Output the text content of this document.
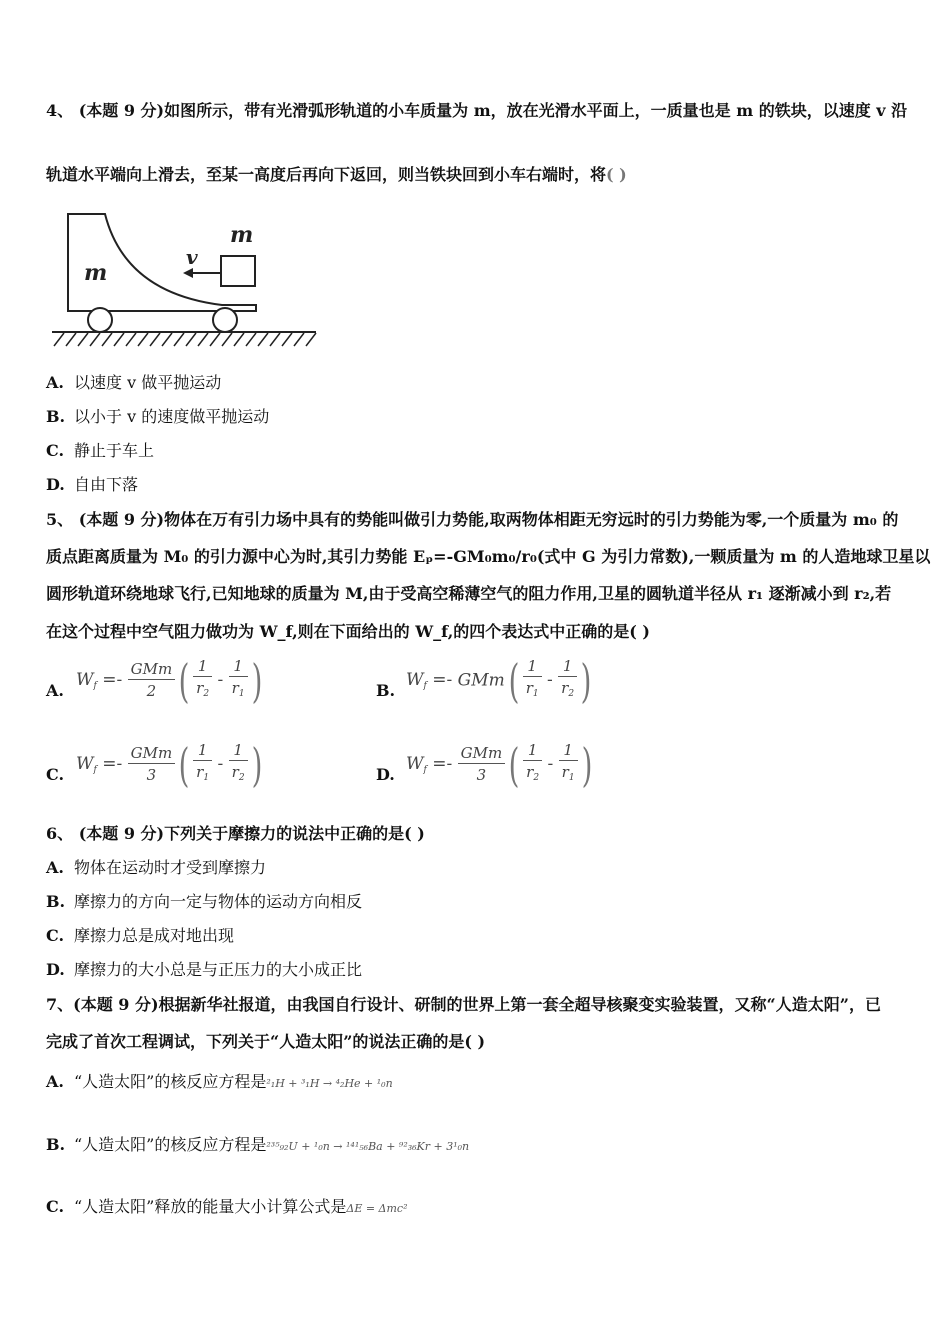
4、 (本题 9 分)如图所示，带有光滑弧形轨道的小车质量为 m，放在光滑水平面上，一质量也是 m 的铁块，以速度 v 沿
轨道水平端向上滑去，至某一高度后再向下返回，则当铁块回到小车右端时，将( )
m
m
v
A. 以速度 v 做平抛运动
B. 以小于 v 的速度做平抛运动
C. 静止于车上
D. 自由下落
5、 (本题 9 分)物体在万有引力场中具有的势能叫做引力势能,取两物体相距无穷远时的引力势能为零,一个质量为 m₀ 的
质点距离质量为 M₀ 的引力源中心为时,其引力势能 Eₚ=-GM₀m₀/r₀(式中 G 为引力常数),一颗质量为 m 的人造地球卫星以
圆形轨道环绕地球飞行,已知地球的质量为 M,由于受高空稀薄空气的阻力作用,卫星的圆轨道半径从 r₁ 逐渐减小到 r₂,若
在这个过程中空气阻力做功为 W_f,则在下面给出的 W_f,的四个表达式中正确的是( )
A.
$W_f =- \frac{\text{GMm}}{2}$ ( $\frac{1}{r_2} - \frac{1}{r_1}$ )	B.
$W_f =- GMm( \frac{1}{r_1} - \frac{1}{r_2}$ )
C.
$W_f =- \frac{\text{GMm}}{3}$ ( $\frac{1}{r_1} - \frac{1}{r_2}$ )	D.
$W_f =- \frac{\text{GMm}}{3}$ ( $\frac{1}{r_2} - \frac{1}{r_1}$ )
6、 (本题 9 分)下列关于摩擦力的说法中正确的是( )
A. 物体在运动时才受到摩擦力
B. 摩擦力的方向一定与物体的运动方向相反
C. 摩擦力总是成对地出现
D. 摩擦力的大小总是与正压力的大小成正比
7、(本题 9 分)根据新华社报道，由我国自行设计、研制的世界上第一套全超导核聚变实验装置，又称“人造太阳”，已
完成了首次工程调试，下列关于“人造太阳”的说法正确的是( )
A. “人造太阳”的核反应方程是²₁H + ³₁H → ⁴₂He + ¹₀n
B. “人造太阳”的核反应方程是²³⁵₉₂U + ¹₀n → ¹⁴¹₅₆Ba + ⁹²₃₆Kr + 3¹₀n
C. “人造太阳”释放的能量大小计算公式是ΔE = Δmc²
